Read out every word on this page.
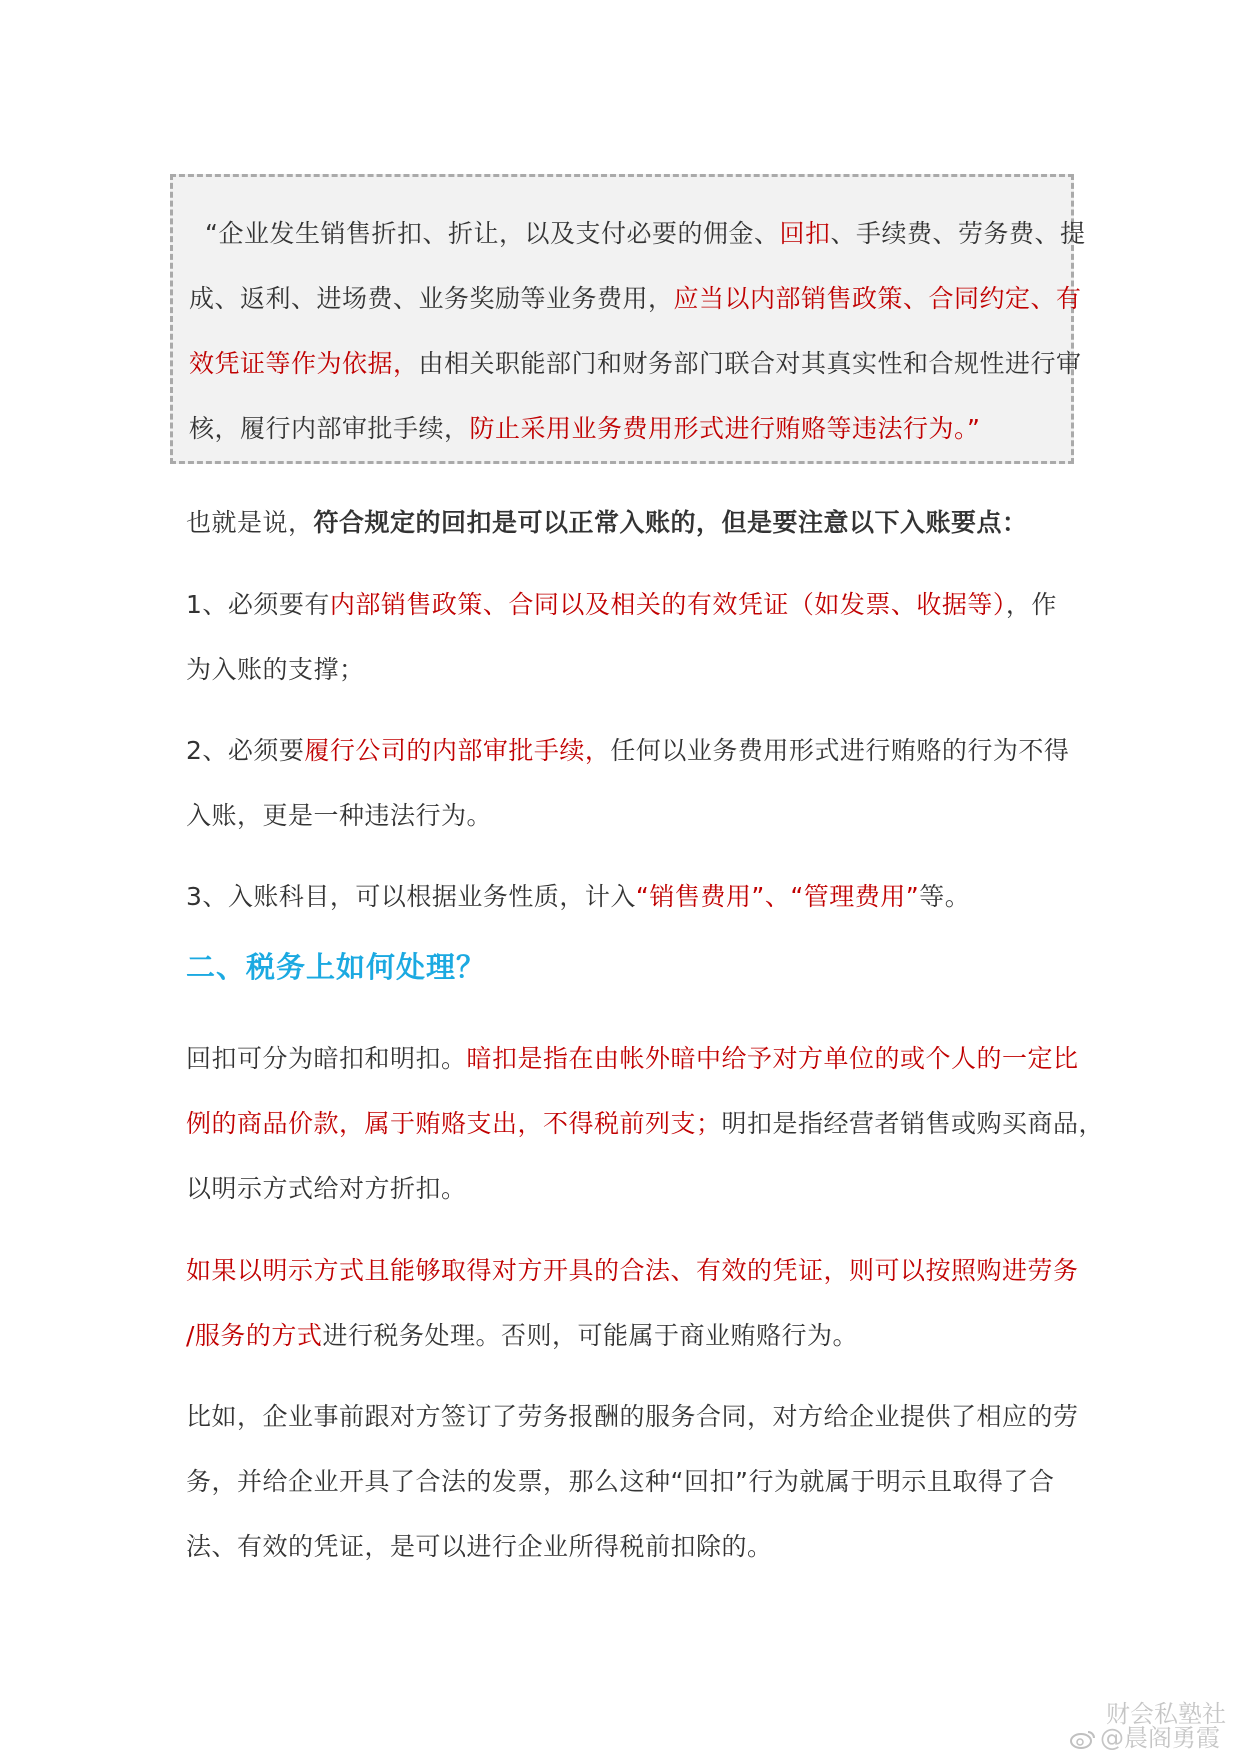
“企业发生销售折扣、折让，以及支付必要的佣金、回扣、手续费、劳务费、提
成、返利、进场费、业务奖励等业务费用，应当以内部销售政策、合同约定、有
效凭证等作为依据，由相关职能部门和财务部门联合对其真实性和合规性进行审
核，履行内部审批手续，防止采用业务费用形式进行贿赂等违法行为。”
也就是说，符合规定的回扣是可以正常入账的，但是要注意以下入账要点：
1、必须要有内部销售政策、合同以及相关的有效凭证（如发票、收据等），作
为入账的支撑；
2、必须要履行公司的内部审批手续，任何以业务费用形式进行贿赂的行为不得
入账，更是一种违法行为。
3、入账科目，可以根据业务性质，计入“销售费用”、“管理费用”等。
二、税务上如何处理？
回扣可分为暗扣和明扣。暗扣是指在由帐外暗中给予对方单位的或个人的一定比
例的商品价款，属于贿赂支出，不得税前列支；明扣是指经营者销售或购买商品，
以明示方式给对方折扣。
如果以明示方式且能够取得对方开具的合法、有效的凭证，则可以按照购进劳务
/服务的方式进行税务处理。否则，可能属于商业贿赂行为。
比如，企业事前跟对方签订了劳务报酬的服务合同，对方给企业提供了相应的劳
务，并给企业开具了合法的发票，那么这种“回扣”行为就属于明示且取得了合
法、有效的凭证，是可以进行企业所得税前扣除的。
财会私塾社
@晨阁勇霞
